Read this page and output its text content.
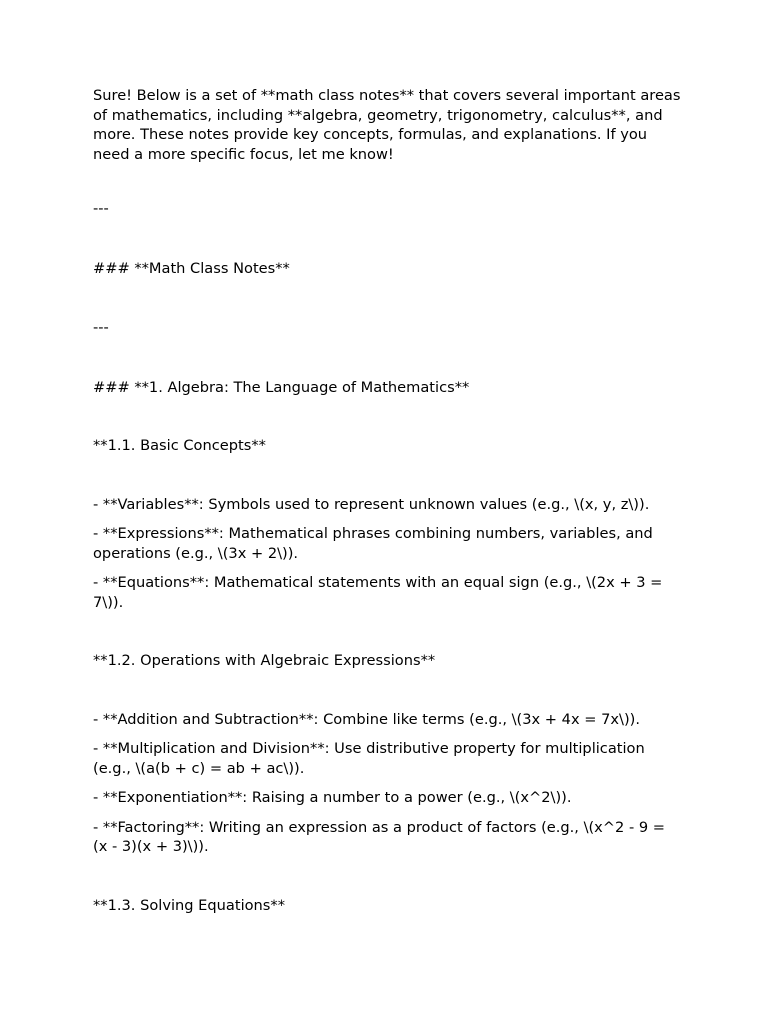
Sure! Below is a set of **math class notes** that covers several important areas of mathematics, including **algebra, geometry, trigonometry, calculus**, and more. These notes provide key concepts, formulas, and explanations. If you need a more specific focus, let me know!

---

### **Math Class Notes**

---

### **1. Algebra: The Language of Mathematics**

**1.1. Basic Concepts**

- **Variables**: Symbols used to represent unknown values (e.g., \(x, y, z\)).

- **Expressions**: Mathematical phrases combining numbers, variables, and operations (e.g., \(3x + 2\)).

- **Equations**: Mathematical statements with an equal sign (e.g., \(2x + 3 = 7\)).

**1.2. Operations with Algebraic Expressions**

- **Addition and Subtraction**: Combine like terms (e.g., \(3x + 4x = 7x\)).

- **Multiplication and Division**: Use distributive property for multiplication (e.g., \(a(b + c) = ab + ac\)).

- **Exponentiation**: Raising a number to a power (e.g., \(x^2\)).

- **Factoring**: Writing an expression as a product of factors (e.g., \(x^2 - 9 = (x - 3)(x + 3)\)).

**1.3. Solving Equations**
